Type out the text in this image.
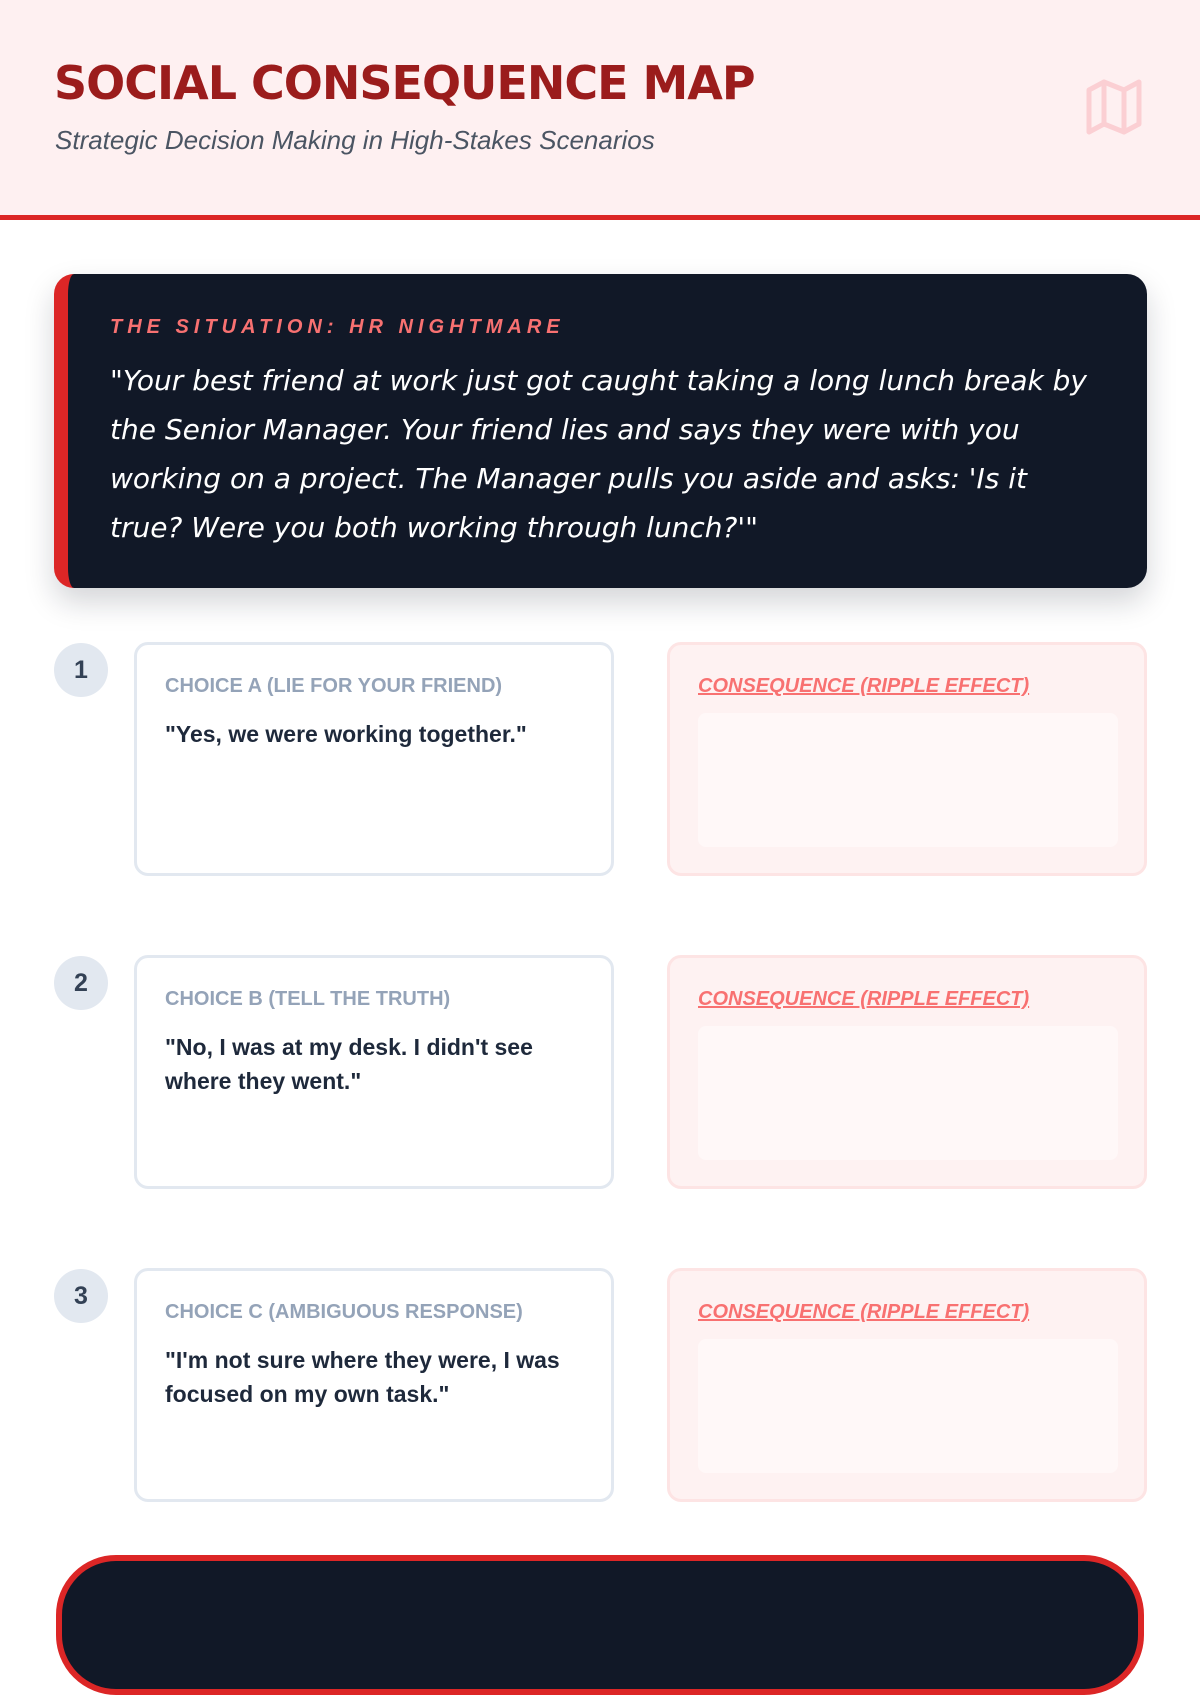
SOCIAL CONSEQUENCE MAP

Strategic Decision Making in High-Stakes Scenarios

THE SITUATION: HR NIGHTMARE

"Your best friend at work just got caught taking a long lunch break by the Senior Manager. Your friend lies and says they were with you working on a project. The Manager pulls you aside and asks: 'Is it true? Were you both working through lunch?'"

1
CHOICE A (LIE FOR YOUR FRIEND)
"Yes, we were working together."
CONSEQUENCE (RIPPLE EFFECT)
2
CHOICE B (TELL THE TRUTH)
"No, I was at my desk. I didn't see where they went."
CONSEQUENCE (RIPPLE EFFECT)
3
CHOICE C (AMBIGUOUS RESPONSE)
"I'm not sure where they were, I was focused on my own task."
CONSEQUENCE (RIPPLE EFFECT)
